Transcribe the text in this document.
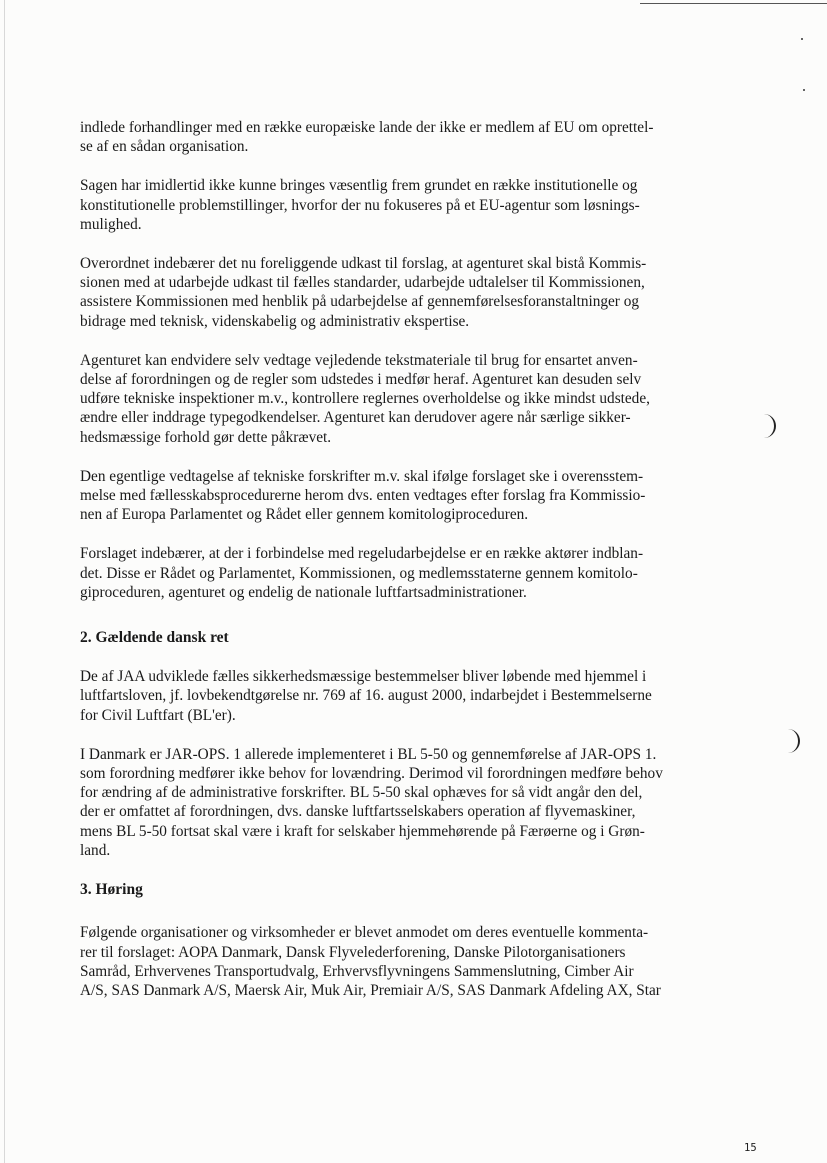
indlede forhandlinger med en række europæiske lande der ikke er medlem af EU om oprettel-
se af en sådan organisation.

Sagen har imidlertid ikke kunne bringes væsentlig frem grundet en række institutionelle og
konstitutionelle problemstillinger, hvorfor der nu fokuseres på et EU-agentur som løsnings-
mulighed.

Overordnet indebærer det nu foreliggende udkast til forslag, at agenturet skal bistå Kommis-
sionen med at udarbejde udkast til fælles standarder, udarbejde udtalelser til Kommissionen,
assistere Kommissionen med henblik på udarbejdelse af gennemførelsesforanstaltninger og
bidrage med teknisk, videnskabelig og administrativ ekspertise.

Agenturet kan endvidere selv vedtage vejledende tekstmateriale til brug for ensartet anven-
delse af forordningen og de regler som udstedes i medfør heraf. Agenturet kan desuden selv
udføre tekniske inspektioner m.v., kontrollere reglernes overholdelse og ikke mindst udstede,
ændre eller inddrage typegodkendelser. Agenturet kan derudover agere når særlige sikker-
hedsmæssige forhold gør dette påkrævet.

Den egentlige vedtagelse af tekniske forskrifter m.v. skal ifølge forslaget ske i overensstem-
melse med fællesskabsprocedurerne herom dvs. enten vedtages efter forslag fra Kommissio-
nen af Europa Parlamentet og Rådet eller gennem komitologiproceduren.

Forslaget indebærer, at der i forbindelse med regeludarbejdelse er en række aktører indblan-
det. Disse er Rådet og Parlamentet, Kommissionen, og medlemsstaterne gennem komitolo-
giproceduren, agenturet og endelig de nationale luftfartsadministrationer.

2. Gældende dansk ret

De af JAA udviklede fælles sikkerhedsmæssige bestemmelser bliver løbende med hjemmel i
luftfartsloven, jf. lovbekendtgørelse nr. 769 af 16. august 2000, indarbejdet i Bestemmelserne
for Civil Luftfart (BL'er).

I Danmark er JAR-OPS. 1 allerede implementeret i BL 5-50 og gennemførelse af JAR-OPS 1.
som forordning medfører ikke behov for lovændring. Derimod vil forordningen medføre behov
for ændring af de administrative forskrifter. BL 5-50 skal ophæves for så vidt angår den del,
der er omfattet af forordningen, dvs. danske luftfartsselskabers operation af flyvemaskiner,
mens BL 5-50 fortsat skal være i kraft for selskaber hjemmehørende på Færøerne og i Grøn-
land.

3. Høring

Følgende organisationer og virksomheder er blevet anmodet om deres eventuelle kommenta-
rer til forslaget: AOPA Danmark, Dansk Flyvelederforening, Danske Pilotorganisationers
Samråd, Erhvervenes Transportudvalg, Erhvervsflyvningens Sammenslutning, Cimber Air
A/S, SAS Danmark A/S, Maersk Air, Muk Air, Premiair A/S, SAS Danmark Afdeling AX, Star

15
